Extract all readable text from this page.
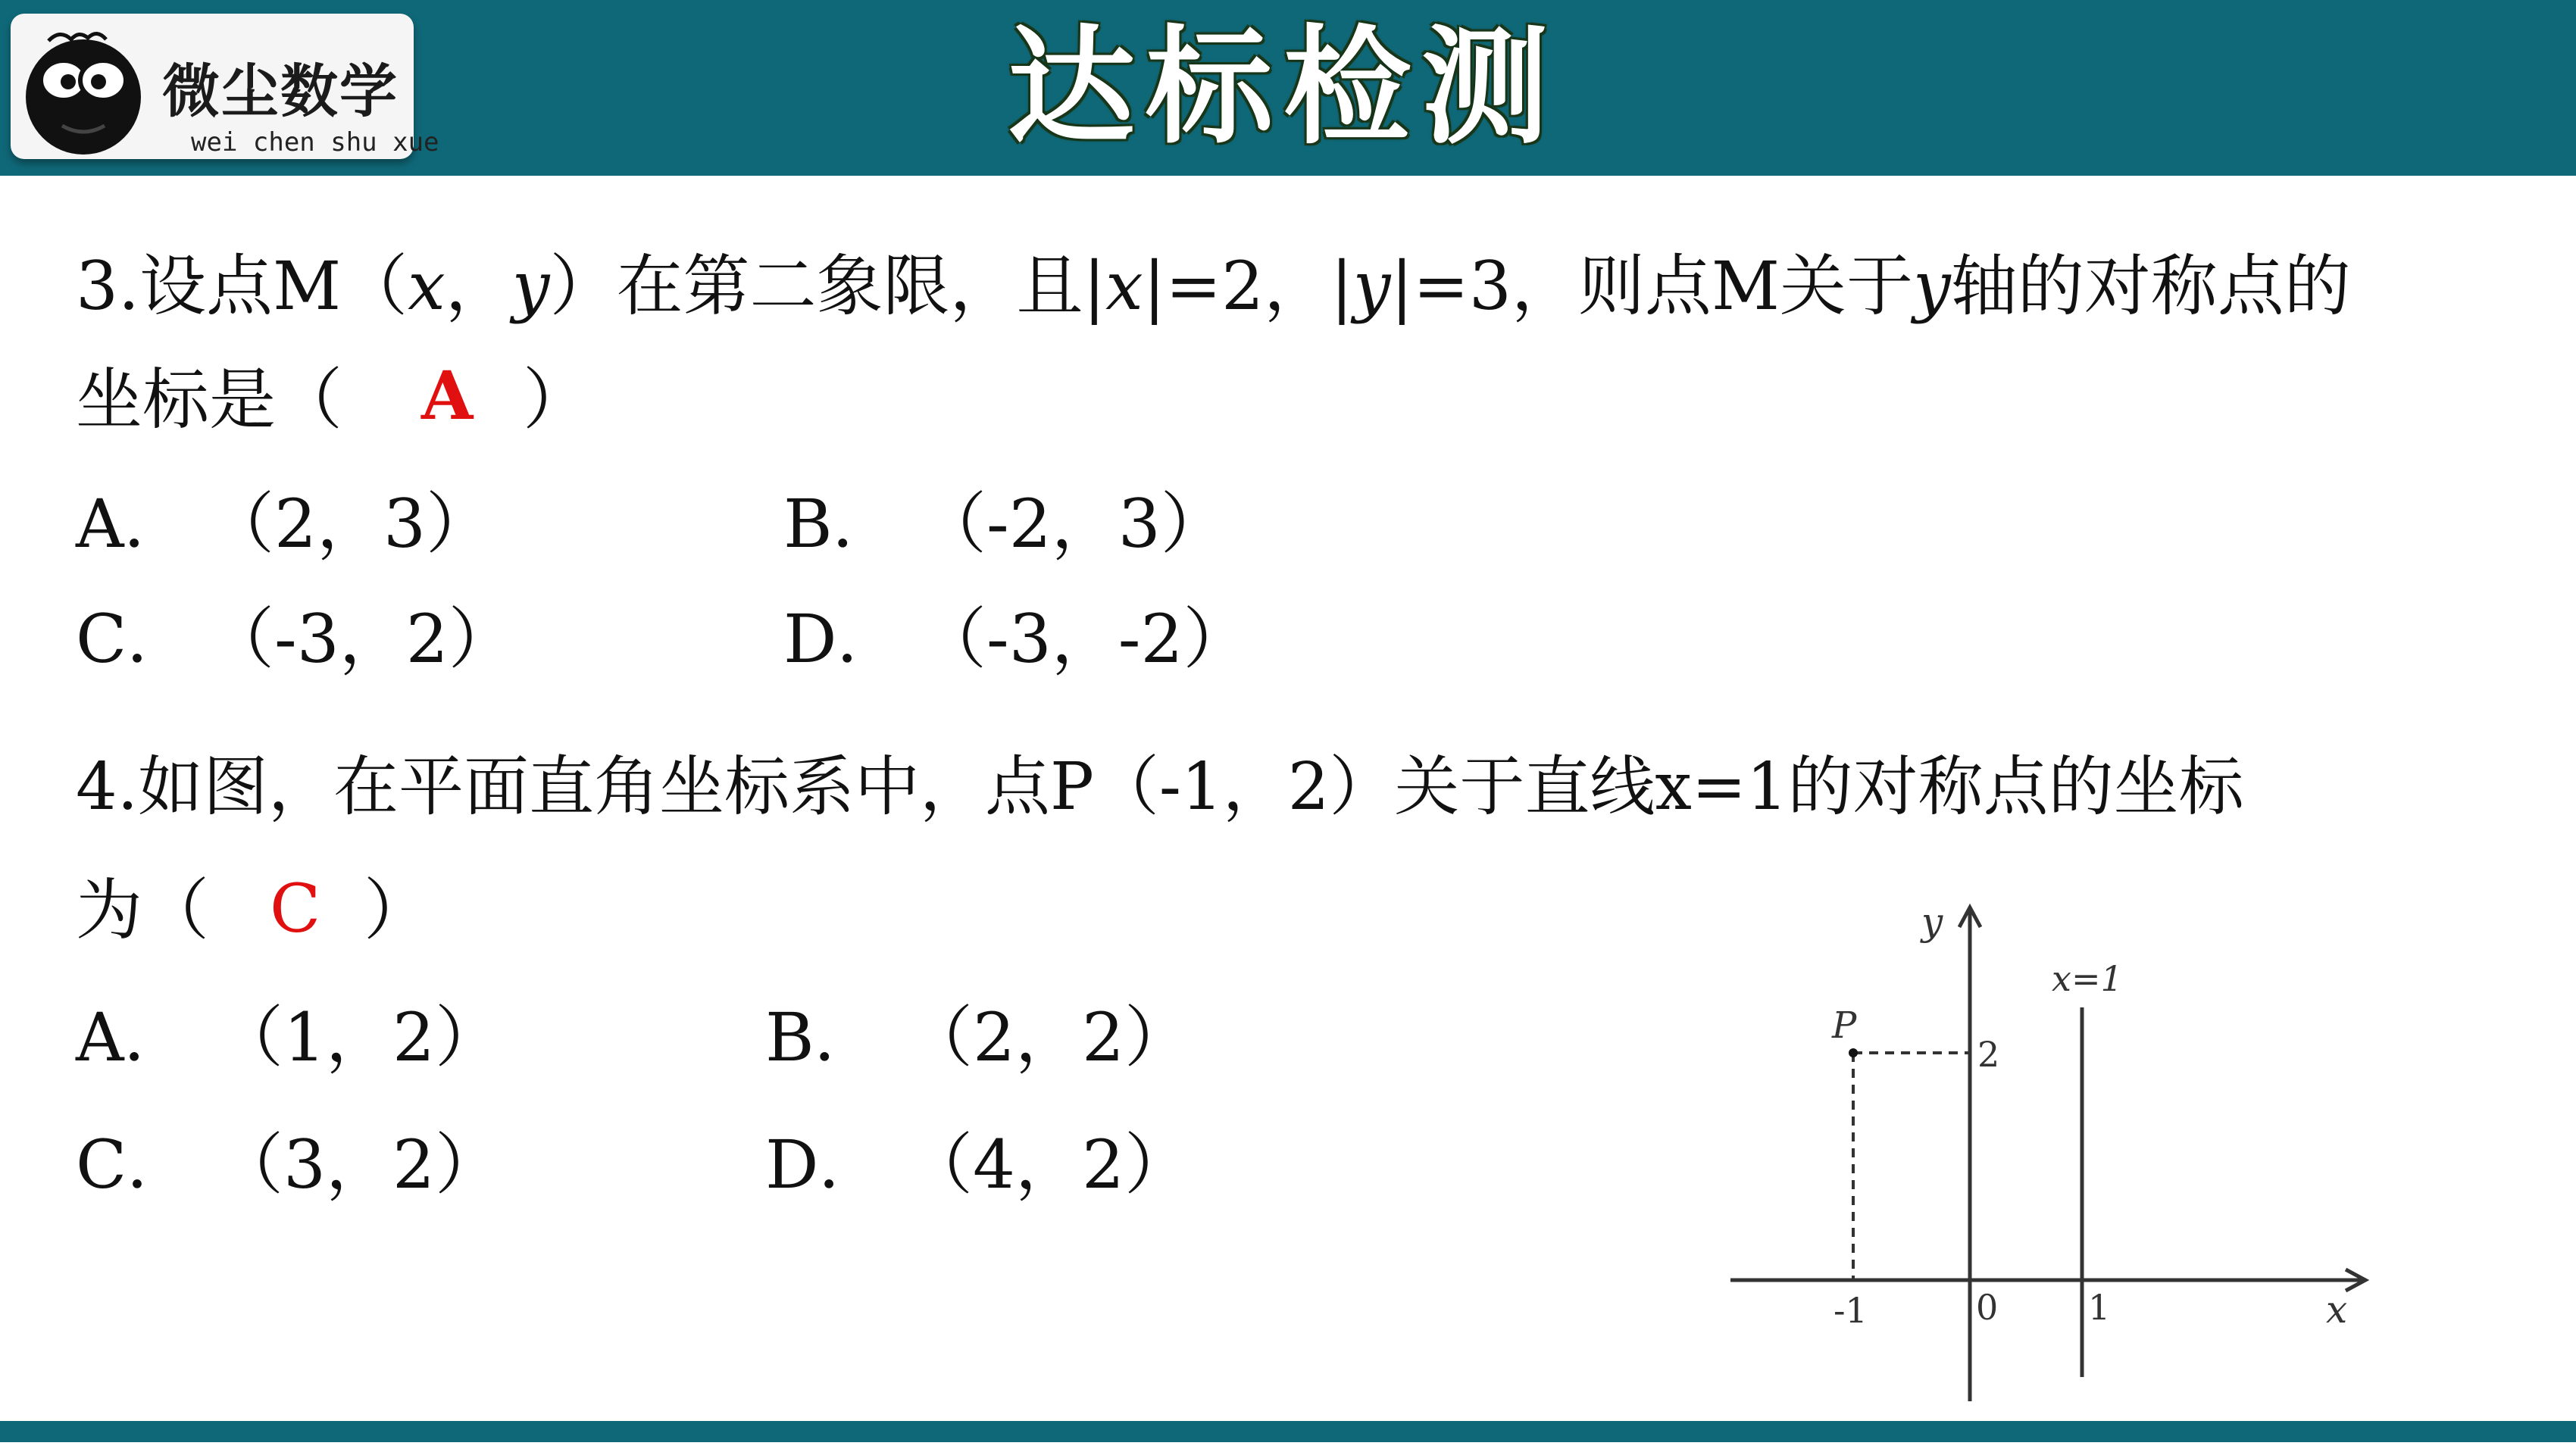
微尘数学
wei chen shu xue	达标检测
3.设点M（x，y）在第二象限，且|x|=2，|y|=3，则点M关于y轴的对称点的
坐标是（ A ）
A． （2，3）	B． （-2，3）
C． （-3，2）	D． （-3，-2）
4.如图，在平面直角坐标系中，点P（-1，2）关于直线x=1的对称点的坐标
为（ C ）
A． （1，2）	B． （2，2）
C． （3，2）	D． （4，2）
y
x
x=1
P
2
-1	0	1
